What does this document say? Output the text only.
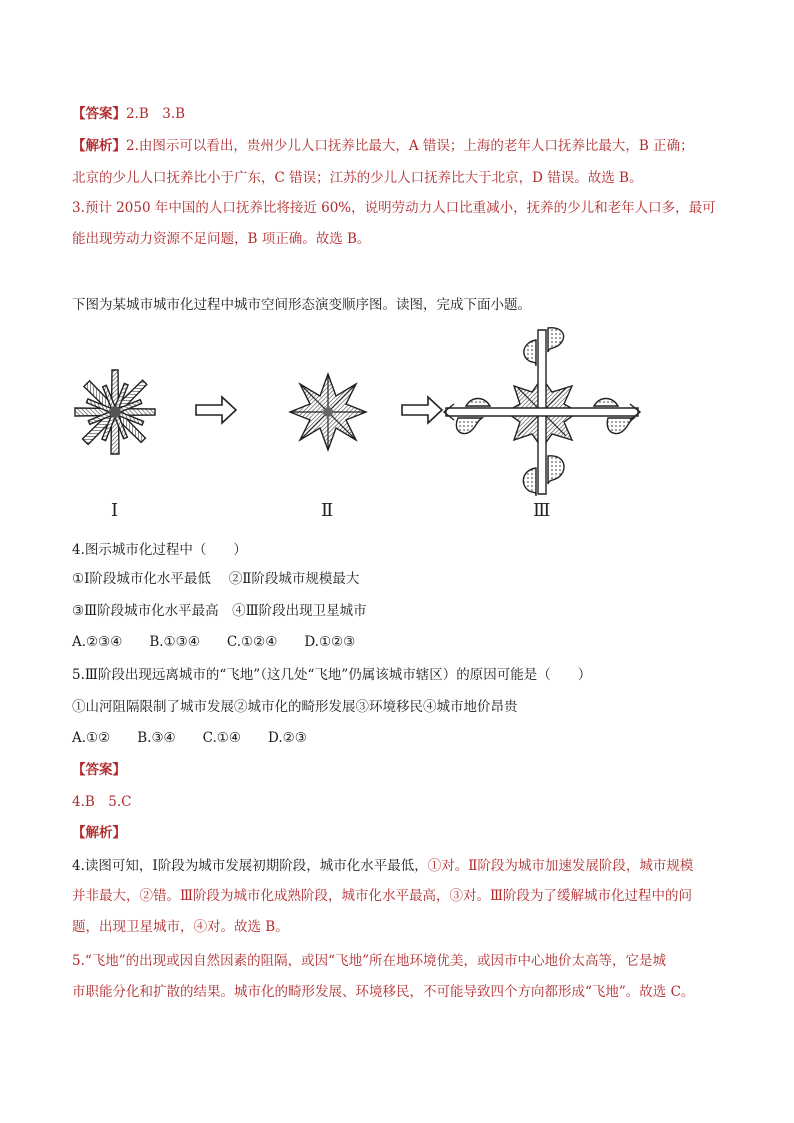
【答案】2.B　3.B
【解析】2.由图示可以看出，贵州少儿人口抚养比最大，A 错误；上海的老年人口抚养比最大，B 正确；
北京的少儿人口抚养比小于广东，C 错误；江苏的少儿人口抚养比大于北京，D 错误。故选 B。
3.预计 2050 年中国的人口抚养比将接近 60%，说明劳动力人口比重减小，抚养的少儿和老年人口多，最可
能出现劳动力资源不足问题，B 项正确。故选 B。
下图为某城市城市化过程中城市空间形态演变顺序图。读图，完成下面小题。
Ⅰ	Ⅱ	Ⅲ
4.图示城市化过程中（　　）
①Ⅰ阶段城市化水平最低　 ②Ⅱ阶段城市规模最大
③Ⅲ阶段城市化水平最高　④Ⅲ阶段出现卫星城市
A.②③④　　B.①③④　　C.①②④　　D.①②③
5.Ⅲ阶段出现远离城市的“飞地”（这几处“飞地”仍属该城市辖区）的原因可能是（　　）
①山河阻隔限制了城市发展②城市化的畸形发展③环境移民④城市地价昂贵
A.①②　　B.③④　　C.①④　　D.②③
【答案】
4.B　5.C
【解析】
4.读图可知，Ⅰ阶段为城市发展初期阶段，城市化水平最低，①对。Ⅱ阶段为城市加速发展阶段，城市规模
并非最大，②错。Ⅲ阶段为城市化成熟阶段，城市化水平最高，③对。Ⅲ阶段为了缓解城市化过程中的问
题，出现卫星城市，④对。故选 B。
5.“飞地”的出现或因自然因素的阻隔，或因“飞地”所在地环境优美，或因市中心地价太高等，它是城
市职能分化和扩散的结果。城市化的畸形发展、环境移民，不可能导致四个方向都形成“飞地”。故选 C。
